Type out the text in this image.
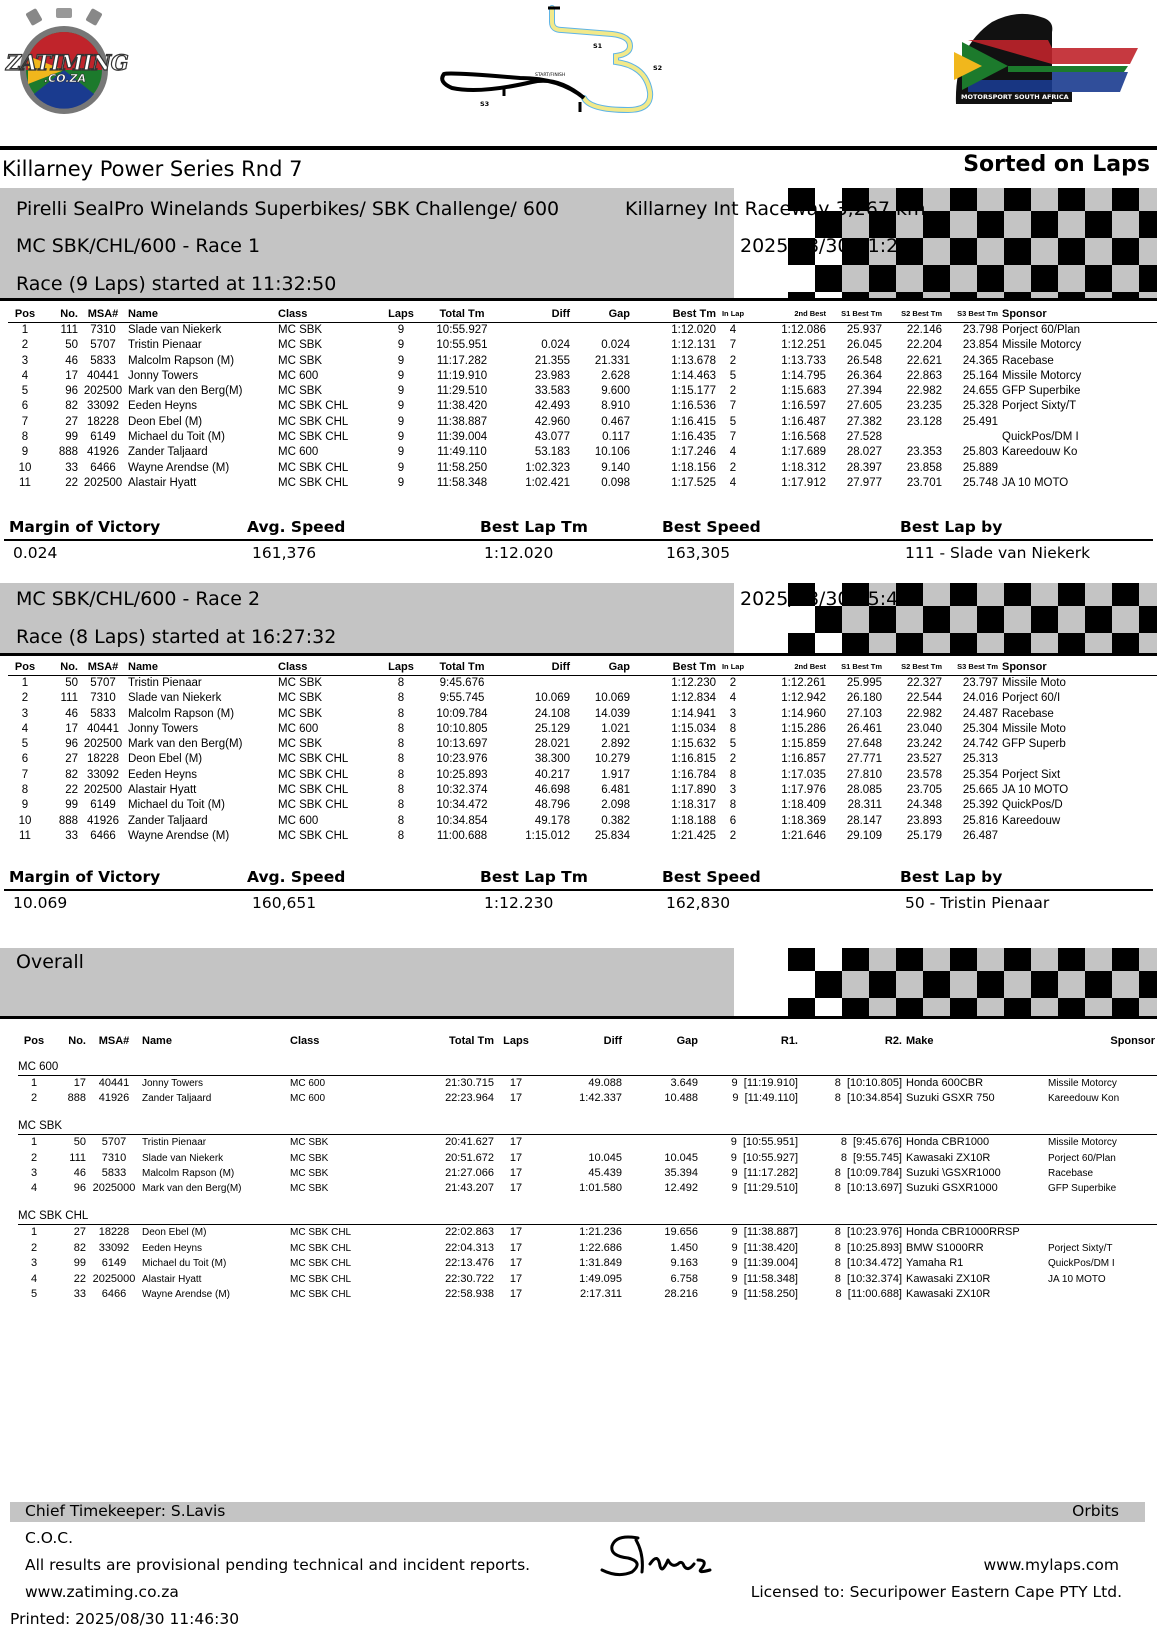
ZATIMING
.CO.ZA
S1
S2
S3
START/FINISH
MOTORSPORT SOUTH AFRICA
Killarney Power Series Rnd 7	Sorted on Laps
Pirelli SealPro Winelands Superbikes/ SBK Challenge/ 600	Killarney Int Raceway 3,267 km
MC SBK/CHL/600 - Race 1	2025/08/30 11:20
Race (9 Laps) started at 11:32:50
Pos	No.	MSA#	Name	Class	Laps	Total Tm	Diff	Gap	Best Tm	In Lap	2nd Best	S1 Best Tm	S2 Best Tm	S3 Best Tm	Sponsor
1	111	7310	Slade van Niekerk	MC SBK	9	10:55.927			1:12.020	4	1:12.086	25.937	22.146	23.798	Porject 60/Plan
2	50	5707	Tristin Pienaar	MC SBK	9	10:55.951	0.024	0.024	1:12.131	7	1:12.251	26.045	22.204	23.854	Missile Motorcy
3	46	5833	Malcolm Rapson (M)	MC SBK	9	11:17.282	21.355	21.331	1:13.678	2	1:13.733	26.548	22.621	24.365	Racebase
4	17	40441	Jonny Towers	MC 600	9	11:19.910	23.983	2.628	1:14.463	5	1:14.795	26.364	22.863	25.164	Missile Motorcy
5	96	202500	Mark van den Berg(M)	MC SBK	9	11:29.510	33.583	9.600	1:15.177	2	1:15.683	27.394	22.982	24.655	GFP Superbike
6	82	33092	Eeden Heyns	MC SBK CHL	9	11:38.420	42.493	8.910	1:16.536	7	1:16.597	27.605	23.235	25.328	Porject Sixty/T
7	27	18228	Deon Ebel (M)	MC SBK CHL	9	11:38.887	42.960	0.467	1:16.415	5	1:16.487	27.382	23.128	25.491	
8	99	6149	Michael du Toit (M)	MC SBK CHL	9	11:39.004	43.077	0.117	1:16.435	7	1:16.568	27.528			QuickPos/DM I
9	888	41926	Zander Taljaard	MC 600	9	11:49.110	53.183	10.106	1:17.246	4	1:17.689	28.027	23.353	25.803	Kareedouw Ko
10	33	6466	Wayne Arendse (M)	MC SBK CHL	9	11:58.250	1:02.323	9.140	1:18.156	2	1:18.312	28.397	23.858	25.889	
11	22	202500	Alastair Hyatt	MC SBK CHL	9	11:58.348	1:02.421	0.098	1:17.525	4	1:17.912	27.977	23.701	25.748	JA 10 MOTO
Margin of Victory	Avg. Speed	Best Lap Tm	Best Speed	Best Lap by
0.024	161,376	1:12.020	163,305	111 - Slade van Niekerk
MC SBK/CHL/600 - Race 2	2025/08/30 15:40
Race (8 Laps) started at 16:27:32
Pos	No.	MSA#	Name	Class	Laps	Total Tm	Diff	Gap	Best Tm	In Lap	2nd Best	S1 Best Tm	S2 Best Tm	S3 Best Tm	Sponsor
1	50	5707	Tristin Pienaar	MC SBK	8	9:45.676			1:12.230	2	1:12.261	25.995	22.327	23.797	Missile Moto
2	111	7310	Slade van Niekerk	MC SBK	8	9:55.745	10.069	10.069	1:12.834	4	1:12.942	26.180	22.544	24.016	Porject 60/I
3	46	5833	Malcolm Rapson (M)	MC SBK	8	10:09.784	24.108	14.039	1:14.941	3	1:14.960	27.103	22.982	24.487	Racebase
4	17	40441	Jonny Towers	MC 600	8	10:10.805	25.129	1.021	1:15.034	8	1:15.286	26.461	23.040	25.304	Missile Moto
5	96	202500	Mark van den Berg(M)	MC SBK	8	10:13.697	28.021	2.892	1:15.632	5	1:15.859	27.648	23.242	24.742	GFP Superb
6	27	18228	Deon Ebel (M)	MC SBK CHL	8	10:23.976	38.300	10.279	1:16.815	2	1:16.857	27.771	23.527	25.313	
7	82	33092	Eeden Heyns	MC SBK CHL	8	10:25.893	40.217	1.917	1:16.784	8	1:17.035	27.810	23.578	25.354	Porject Sixt
8	22	202500	Alastair Hyatt	MC SBK CHL	8	10:32.374	46.698	6.481	1:17.890	3	1:17.976	28.085	23.705	25.665	JA 10 MOTO
9	99	6149	Michael du Toit (M)	MC SBK CHL	8	10:34.472	48.796	2.098	1:18.317	8	1:18.409	28.311	24.348	25.392	QuickPos/D
10	888	41926	Zander Taljaard	MC 600	8	10:34.854	49.178	0.382	1:18.188	6	1:18.369	28.147	23.893	25.816	Kareedouw
11	33	6466	Wayne Arendse (M)	MC SBK CHL	8	11:00.688	1:15.012	25.834	1:21.425	2	1:21.646	29.109	25.179	26.487	
Margin of Victory	Avg. Speed	Best Lap Tm	Best Speed	Best Lap by
10.069	160,651	1:12.230	162,830	50 - Tristin Pienaar
Overall
Pos	No.	MSA#	Name	Class	Total Tm	Laps	Diff	Gap	R1.	R2.	Make	Sponsor

MC 600												
1	17	40441	Jonny Towers	MC 600	21:30.715	17	49.088	3.649	9  [11:19.910]	8  [10:10.805]	Honda 600CBR	Missile Motorcy
2	888	41926	Zander Taljaard	MC 600	22:23.964	17	1:42.337	10.488	9  [11:49.110]	8  [10:34.854]	Suzuki GSXR 750	Kareedouw Kon

MC SBK												
1	50	5707	Tristin Pienaar	MC SBK	20:41.627	17			9  [10:55.951]	8  [9:45.676]	Honda CBR1000	Missile Motorcy
2	111	7310	Slade van Niekerk	MC SBK	20:51.672	17	10.045	10.045	9  [10:55.927]	8  [9:55.745]	Kawasaki ZX10R	Porject 60/Plan
3	46	5833	Malcolm Rapson (M)	MC SBK	21:27.066	17	45.439	35.394	9  [11:17.282]	8  [10:09.784]	Suzuki \GSXR1000	Racebase
4	96	2025000	Mark van den Berg(M)	MC SBK	21:43.207	17	1:01.580	12.492	9  [11:29.510]	8  [10:13.697]	Suzuki GSXR1000	GFP Superbike

MC SBK CHL												
1	27	18228	Deon Ebel (M)	MC SBK CHL	22:02.863	17	1:21.236	19.656	9  [11:38.887]	8  [10:23.976]	Honda CBR1000RRSP	
2	82	33092	Eeden Heyns	MC SBK CHL	22:04.313	17	1:22.686	1.450	9  [11:38.420]	8  [10:25.893]	BMW S1000RR	Porject Sixty/T
3	99	6149	Michael du Toit (M)	MC SBK CHL	22:13.476	17	1:31.849	9.163	9  [11:39.004]	8  [10:34.472]	Yamaha R1	QuickPos/DM I
4	22	2025000	Alastair Hyatt	MC SBK CHL	22:30.722	17	1:49.095	6.758	9  [11:58.348]	8  [10:32.374]	Kawasaki ZX10R	JA 10 MOTO
5	33	6466	Wayne Arendse (M)	MC SBK CHL	22:58.938	17	2:17.311	28.216	9  [11:58.250]	8  [11:00.688]	Kawasaki ZX10R	
Chief Timekeeper: S.Lavis	Orbits
C.O.C.
All results are provisional pending technical and incident reports.
www.zatiming.co.za
Printed: 2025/08/30 11:46:30
www.mylaps.com
Licensed to: Securipower Eastern Cape PTY Ltd.
